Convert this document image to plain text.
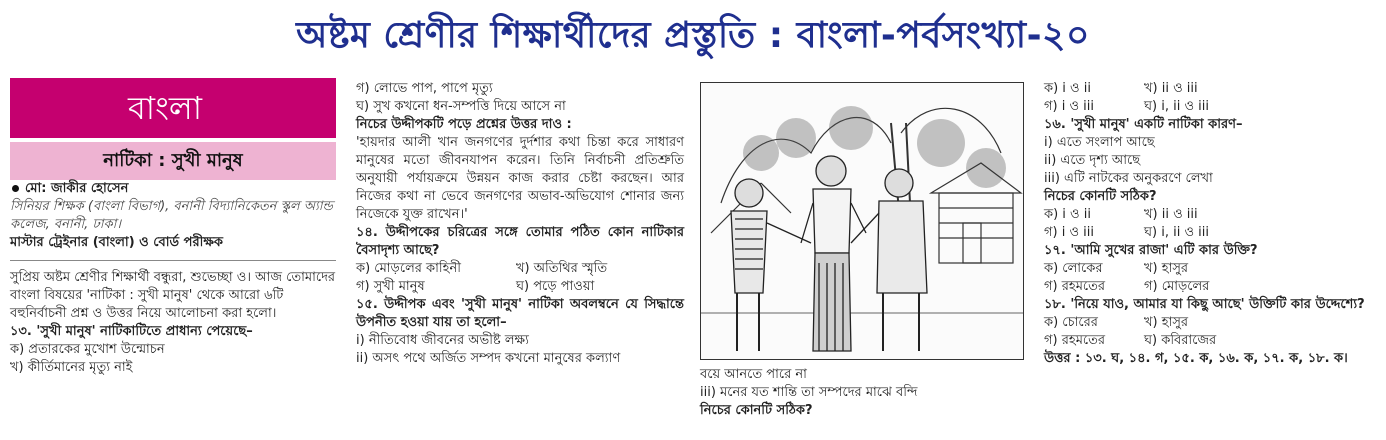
অষ্টম শ্রেণীর শিক্ষার্থীদের প্রস্তুতি : বাংলা-পর্বসংখ্যা-২০
বাংলা
নাটিকা : সুখী মানুষ

মো: জাকীর হোসেন

সিনিয়র শিক্ষক (বাংলা বিভাগ), বনানী বিদ্যানিকেতন স্কুল অ্যান্ড কলেজ, বনানী, ঢাকা।

মাস্টার ট্রেইনার (বাংলা) ও বোর্ড পরীক্ষক

সুপ্রিয় অষ্টম শ্রেণীর শিক্ষার্থী বন্ধুরা, শুভেচ্ছা ও। আজ তোমাদের বাংলা বিষয়ের 'নাটিকা : সুখী মানুষ' থেকে আরো ৬টি বহুনির্বাচনী প্রশ্ন ও উত্তর নিয়ে আলোচনা করা হলো।

১৩. 'সুখী মানুষ' নাটিকাটিতে প্রাধান্য পেয়েছে–

ক) প্রতারকের মুখোশ উন্মোচন

খ) কীর্তিমানের মৃত্যু নাই

গ) লোভে পাপ, পাপে মৃত্যু

ঘ) সুখ কখনো ধন-সম্পত্তি দিয়ে আসে না

নিচের উদ্দীপকটি পড়ে প্রশ্নের উত্তর দাও :

'হায়দার আলী খান জনগণের দুর্দশার কথা চিন্তা করে সাধারণ মানুষের মতো জীবনযাপন করেন। তিনি নির্বাচনী প্রতিশ্রুতি অনুযায়ী পর্যায়ক্রমে উন্নয়ন কাজ করার চেষ্টা করছেন। আর নিজের কথা না ভেবে জনগণের অভাব-অভিযোগ শোনার জন্য নিজেকে যুক্ত রাখেন।'

১৪. উদ্দীপকের চরিত্রের সঙ্গে তোমার পঠিত কোন নাটিকার বৈসাদৃশ্য আছে?

ক) মোড়লের কাহিনী	খ) অতিথির স্মৃতি

গ) সুখী মানুষ	ঘ) পড়ে পাওয়া

১৫. উদ্দীপক এবং 'সুখী মানুষ' নাটিকা অবলম্বনে যে সিদ্ধান্তে উপনীত হওয়া যায় তা হলো–

i) নীতিবোধ জীবনের অভীষ্ট লক্ষ্য

ii) অসৎ পথে অর্জিত সম্পদ কখনো মানুষের কল্যাণ

বয়ে আনতে পারে না

iii) মনের যত শান্তি তা সম্পদের মাঝে বন্দি

নিচের কোনটি সঠিক?

ক) i ও ii	খ) ii ও iii

গ) i ও iii	ঘ) i, ii ও iii

১৬. 'সুখী মানুষ' একটি নাটিকা কারণ–

i) এতে সংলাপ আছে

ii) এতে দৃশ্য আছে

iii) এটি নাটকের অনুকরণে লেখা

নিচের কোনটি সঠিক?

ক) i ও ii	খ) ii ও iii

গ) i ও iii	ঘ) i, ii ও iii

১৭. 'আমি সুখের রাজা' এটি কার উক্তি?

ক) লোকের	খ) হাসুর

গ) রহমতের	গ) মোড়লের

১৮. 'নিয়ে যাও, আমার যা কিছু আছে' উক্তিটি কার উদ্দেশ্যে?

ক) চোরের	খ) হাসুর

গ) রহমতের	ঘ) কবিরাজের

উত্তর : ১৩. ঘ, ১৪. গ, ১৫. ক, ১৬. ক, ১৭. ক, ১৮. ক।
